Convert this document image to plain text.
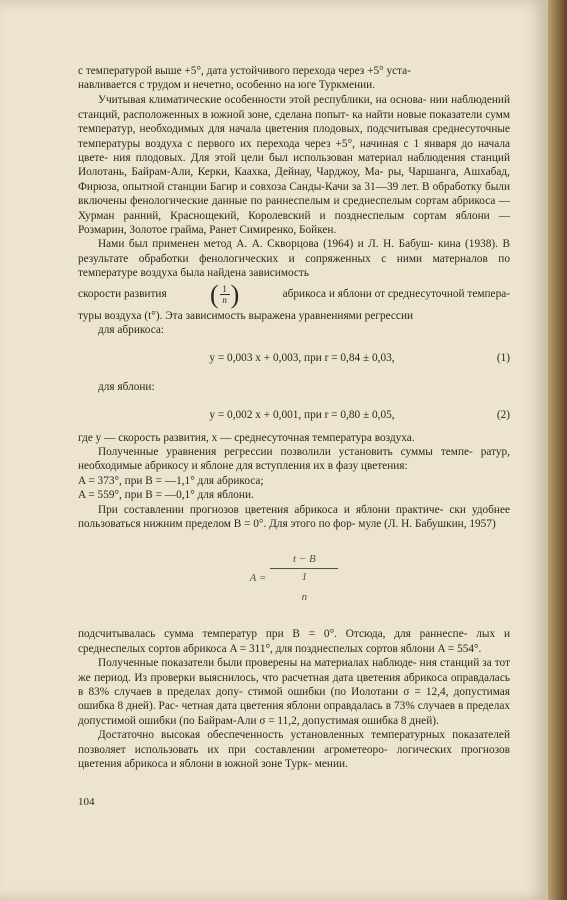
с температурой выше +5°, дата устойчивого перехода через +5° уста-

навливается с трудом и нечетно, особенно на юге Туркмении.

Учитывая климатические особенности этой республики, на основа- нии наблюдений станций, расположенных в южной зоне, сделана попыт- ка найти новые показатели сумм температур, необходимых для начала цветения плодовых, подсчитывая среднесуточные температуры воздуха с первого их перехода через +5°, начиная с 1 января до начала цвете- ния плодовых. Для этой цели был использован материал наблюдения станций Иолотань, Байрам-Али, Керки, Каахка, Дейнау, Чарджоу, Ма- ры, Чаршанга, Ашхабад, Фирюза, опытной станции Багир и совхоза Санды-Качи за 31—39 лет. В обработку были включены фенологические данные по раннеспелым и среднеспелым сортам абрикоса — Хурман ранний, Краснощекий, Королевский и позднеспелым сортам яблони — Розмарин, Золотое грайма, Ранет Симиренко, Бойкен.

Нами был применен метод А. А. Скворцова (1964) и Л. Н. Бабуш- кина (1938). В результате обработки фенологических и сопряженных с ними материалов по температуре воздуха была найдена зависимость

скорости развития ( $\frac{1}{n}$ )	абрикоса и яблони от среднесуточной темпера-

туры воздуха (t°). Эта зависимость выражена уравнениями регрессии

для абрикоса:

y = 0,003 x + 0,003, при r = 0,84 ± 0,03,	(1)

для яблони:

y = 0,002 x + 0,001, при r = 0,80 ± 0,05,	(2)

где y — скорость развития, x — среднесуточная температура воздуха.

Полученные уравнения регрессии позволили установить суммы темпе- ратур, необходимые абрикосу и яблоне для вступления их в фазу цветения:

A = 373°, при B = —1,1° для абрикоса;

A = 559°, при B = —0,1° для яблони.

При составлении прогнозов цветения абрикоса и яблони практиче- ски удобнее пользоваться нижним пределом B = 0°. Для этого по фор- муле (Л. Н. Бабушкин, 1957)

A =
t − B
1
n

подсчитывалась сумма температур при B = 0°. Отсюда, для раннеспе- лых и среднеспелых сортов абрикоса A = 311°, для позднеспелых сортов яблони A = 554°.

Полученные показатели были проверены на материалах наблюде- ния станций за тот же период. Из проверки выяснилось, что расчетная дата цветения абрикоса оправдалась в 83% случаев в пределах допу- стимой ошибки (по Иолотани σ = 12,4, допустимая ошибка 8 дней). Рас- четная дата цветения яблони оправдалась в 73% случаев в пределах допустимой ошибки (по Байрам-Али σ = 11,2, допустимая ошибка 8 дней).

Достаточно высокая обеспеченность установленных температурных показателей позволяет использовать их при составлении агрометеоро- логических прогнозов цветения абрикоса и яблони в южной зоне Турк- мении.

104
